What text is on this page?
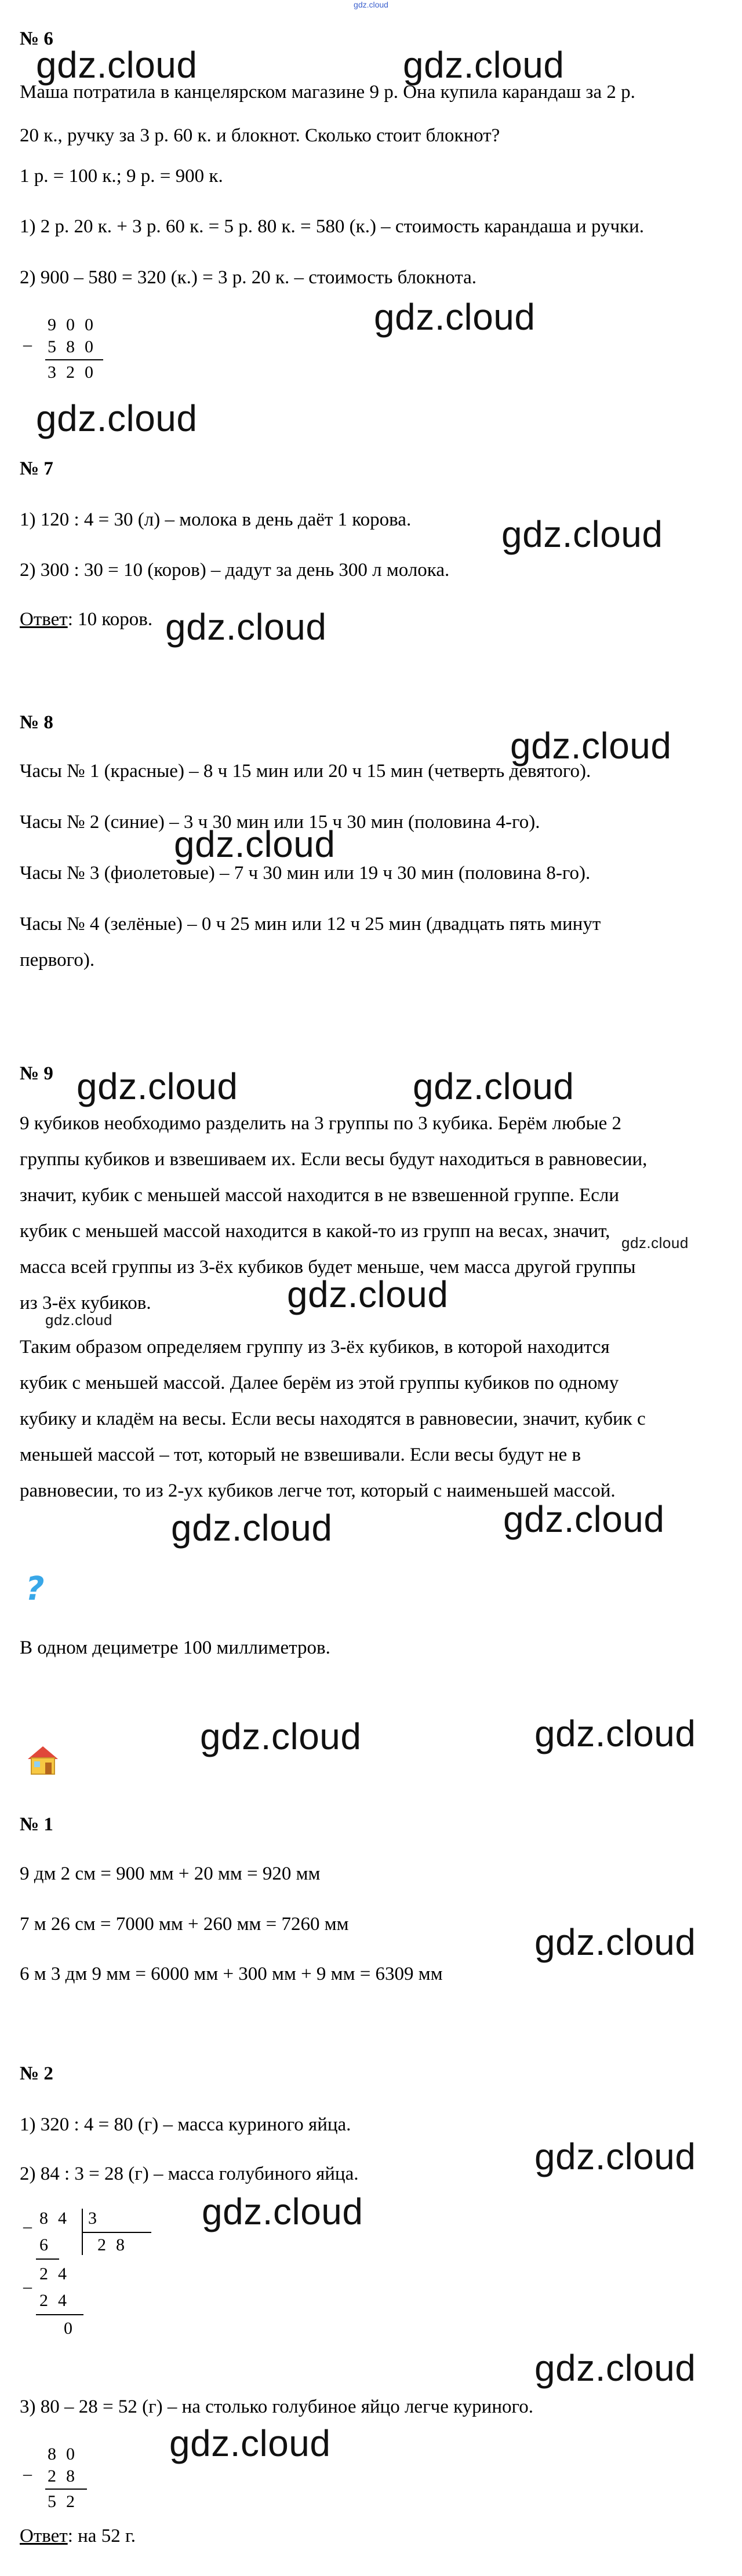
gdz.cloud
gdz.cloud	gdz.cloud
gdz.cloud
gdz.cloud
gdz.cloud
gdz.cloud
gdz.cloud
gdz.cloud
gdz.cloud	gdz.cloud
gdz.cloud
gdz.cloud
gdz.cloud
gdz.cloud
gdz.cloud
gdz.cloud	gdz.cloud
gdz.cloud
gdz.cloud
gdz.cloud
gdz.cloud
gdz.cloud

№ 6

Маша потратила в канцелярском магазине 9 р. Она купила карандаш за 2 р.

20 к., ручку за 3 р. 60 к. и блокнот. Сколько стоит блокнот?

1 р. = 100 к.; 9 р. = 900 к.

1) 2 р. 20 к. + 3 р. 60 к. = 5 р. 80 к. = 580 (к.) – стоимость карандаша и ручки.

2) 900 – 580 = 320 (к.) = 3 р. 20 к. – стоимость блокнота.

900
– 580
320

№ 7

1) 120 : 4 = 30 (л) – молока в день даёт 1 корова.

2) 300 : 30 = 10 (коров) – дадут за день 300 л молока.

Ответ: 10 коров.

№ 8

Часы № 1 (красные) – 8 ч 15 мин или 20 ч 15 мин (четверть девятого).

Часы № 2 (синие) – 3 ч 30 мин или 15 ч 30 мин (половина 4-го).

Часы № 3 (фиолетовые) – 7 ч 30 мин или 19 ч 30 мин (половина 8-го).

Часы № 4 (зелёные) – 0 ч 25 мин или 12 ч 25 мин (двадцать пять минут

первого).

№ 9

9 кубиков необходимо разделить на 3 группы по 3 кубика. Берём любые 2

группы кубиков и взвешиваем их. Если весы будут находиться в равновесии,

значит, кубик с меньшей массой находится в не взвешенной группе. Если

кубик с меньшей массой находится в какой-то из групп на весах, значит,

масса всей группы из 3-ёх кубиков будет меньше, чем масса другой группы

из 3-ёх кубиков.

Таким образом определяем группу из 3-ёх кубиков, в которой находится

кубик с меньшей массой. Далее берём из этой группы кубиков по одному

кубику и кладём на весы. Если весы находятся в равновесии, значит, кубик с

меньшей массой – тот, который не взвешивали. Если весы будут не в

равновесии, то из 2-ух кубиков легче тот, который с наименьшей массой.

?

В одном дециметре 100 миллиметров.

№ 1

9 дм 2 см = 900 мм + 20 мм = 920 мм

7 м 26 см = 7000 мм + 260 мм = 7260 мм

6 м 3 дм 9 мм = 6000 мм + 300 мм + 9 мм = 6309 мм

№ 2

1) 320 : 4 = 80 (г) – масса куриного яйца.

2) 84 : 3 = 28 (г) – масса голубиного яйца.

– 84 3
28
6
24
–
24
0

3) 80 – 28 = 52 (г) – на столько голубиное яйцо легче куриного.

80
– 28
52

Ответ: на 52 г.
